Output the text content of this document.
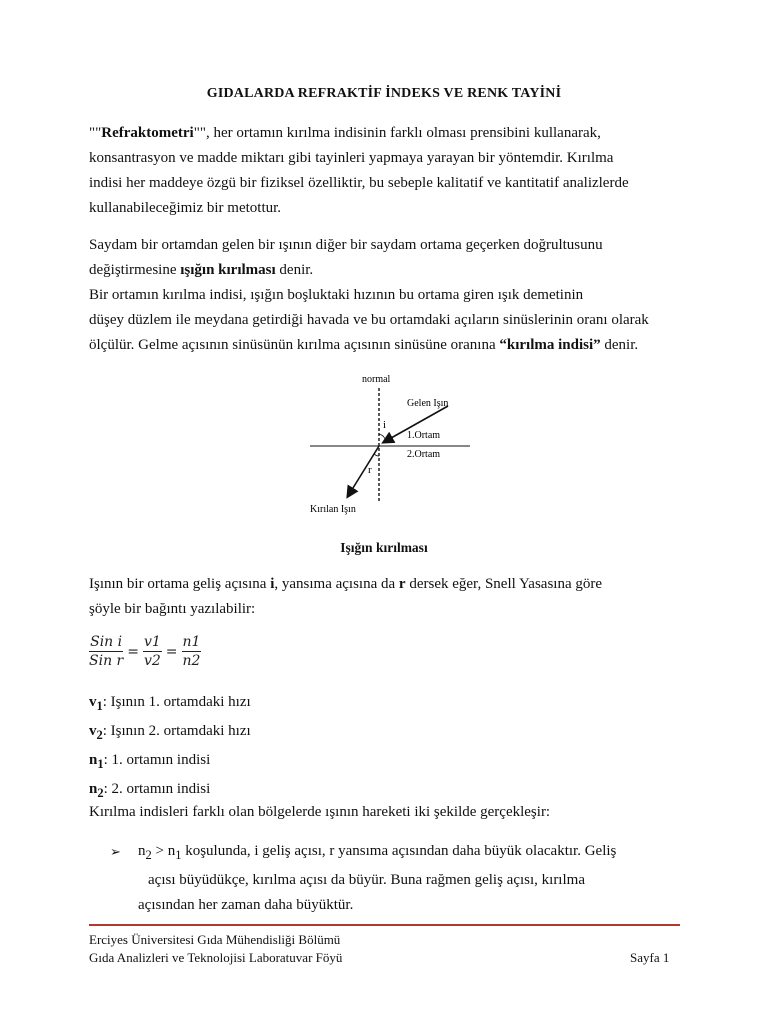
GIDALARDA REFRAKTİF İNDEKS VE RENK TAYİNİ
""Refraktometri"", her ortamın kırılma indisinin farklı olması prensibini kullanarak,
konsantrasyon ve madde miktarı gibi tayinleri yapmaya yarayan bir yöntemdir. Kırılma
indisi her maddeye özgü bir fiziksel özelliktir, bu sebeple kalitatif ve kantitatif analizlerde
kullanabileceğimiz bir metottur.
Saydam bir ortamdan gelen bir ışının diğer bir saydam ortama geçerken doğrultusunu
değiştirmesine ışığın kırılması denir.
Bir ortamın kırılma indisi, ışığın boşluktaki hızının bu ortama giren ışık demetinin
düşey düzlem ile meydana getirdiği havada ve bu ortamdaki açıların sinüslerinin oranı olarak
ölçülür. Gelme açısının sinüsünün kırılma açısının sinüsüne oranına “kırılma indisi” denir.
normal
Gelen Işın
1.Ortam
2.Ortam
i
r
Kırılan Işın
Işığın kırılması
Işının bir ortama geliş açısına i, yansıma açısına da r dersek eğer, Snell Yasasına göre
şöyle bir bağıntı yazılabilir:
$\frac{\text{Sin i}}{\text{Sin r}} = \frac{v1}{v2} = \frac{n1}{n2}$
$v_1$: Işının 1. ortamdaki hızı
$v_2$: Işının 2. ortamdaki hızı
$n_1$: 1. ortamın indisi
$n_2$: 2. ortamın indisi
Kırılma indisleri farklı olan bölgelerde ışının hareketi iki şekilde gerçekleşir:
➢ $n_2 > n_1$ koşulunda, i geliş açısı, r yansıma açısından daha büyük olacaktır. Geliş
açısı büyüdükçe, kırılma açısı da büyür. Buna rağmen geliş açısı, kırılma
açısından her zaman daha büyüktür.
Erciyes Üniversitesi Gıda Mühendisliği Bölümü
Gıda Analizleri ve Teknolojisi Laboratuvar Föyü	Sayfa 1
